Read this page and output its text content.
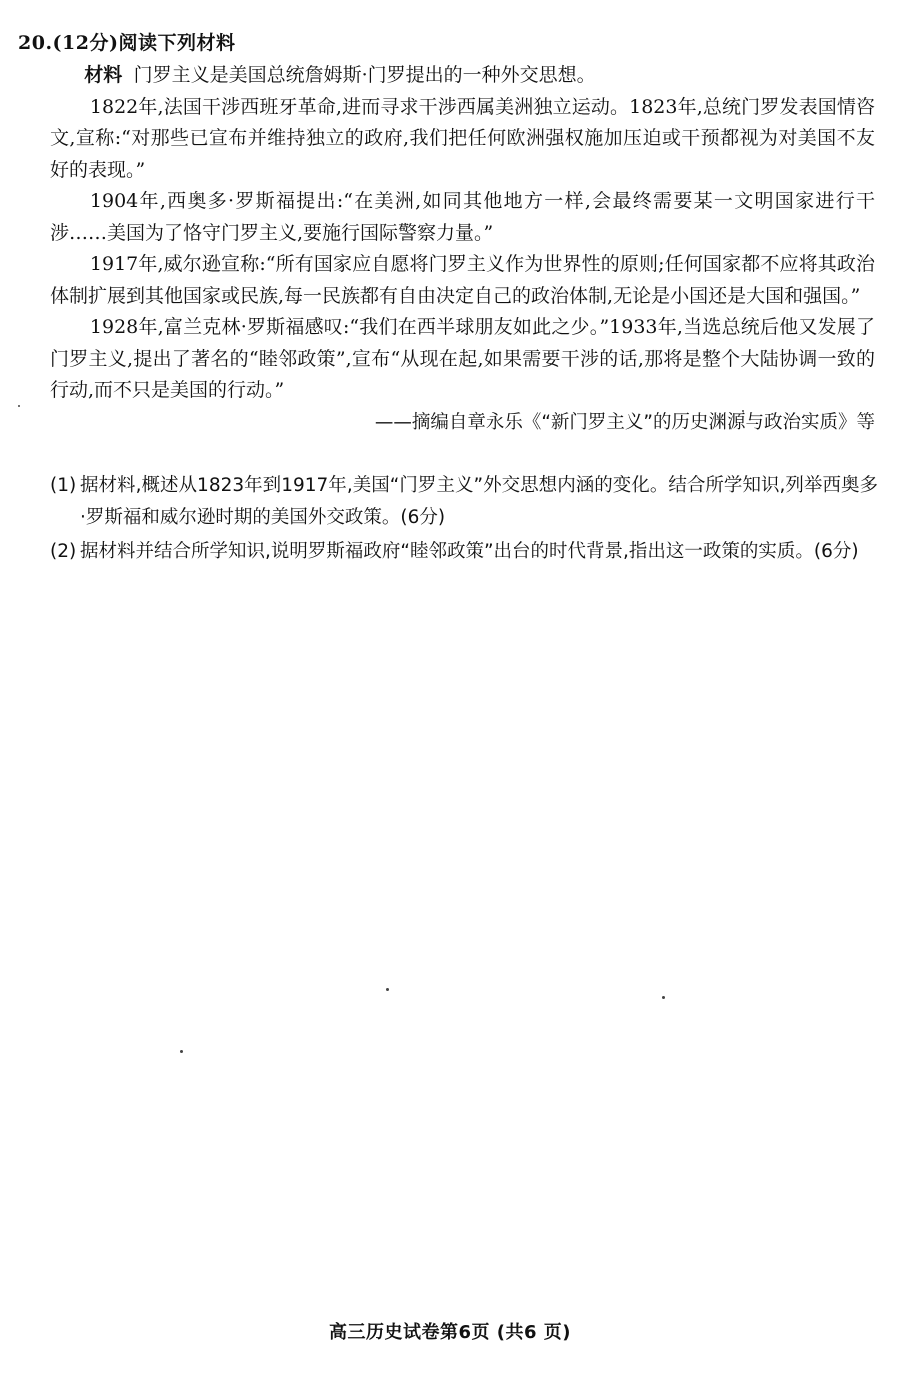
20.(12分)阅读下列材料

材料 门罗主义是美国总统詹姆斯·门罗提出的一种外交思想。

1822年,法国干涉西班牙革命,进而寻求干涉西属美洲独立运动。1823年,总统门罗发表国情咨文,宣称:“对那些已宣布并维持独立的政府,我们把任何欧洲强权施加压迫或干预都视为对美国不友好的表现。”

1904年,西奥多·罗斯福提出:“在美洲,如同其他地方一样,会最终需要某一文明国家进行干涉……美国为了恪守门罗主义,要施行国际警察力量。”

1917年,威尔逊宣称:“所有国家应自愿将门罗主义作为世界性的原则;任何国家都不应将其政治体制扩展到其他国家或民族,每一民族都有自由决定自己的政治体制,无论是小国还是大国和强国。”

1928年,富兰克林·罗斯福感叹:“我们在西半球朋友如此之少。”1933年,当选总统后他又发展了门罗主义,提出了著名的“睦邻政策”,宣布“从现在起,如果需要干涉的话,那将是整个大陆协调一致的行动,而不只是美国的行动。”

——摘编自章永乐《“新门罗主义”的历史渊源与政治实质》等

(1) 据材料,概述从1823年到1917年,美国“门罗主义”外交思想内涵的变化。结合所学知识,列举西奥多·罗斯福和威尔逊时期的美国外交政策。(6分)
(2) 据材料并结合所学知识,说明罗斯福政府“睦邻政策”出台的时代背景,指出这一政策的实质。(6分)
高三历史试卷第6页 (共6 页)
